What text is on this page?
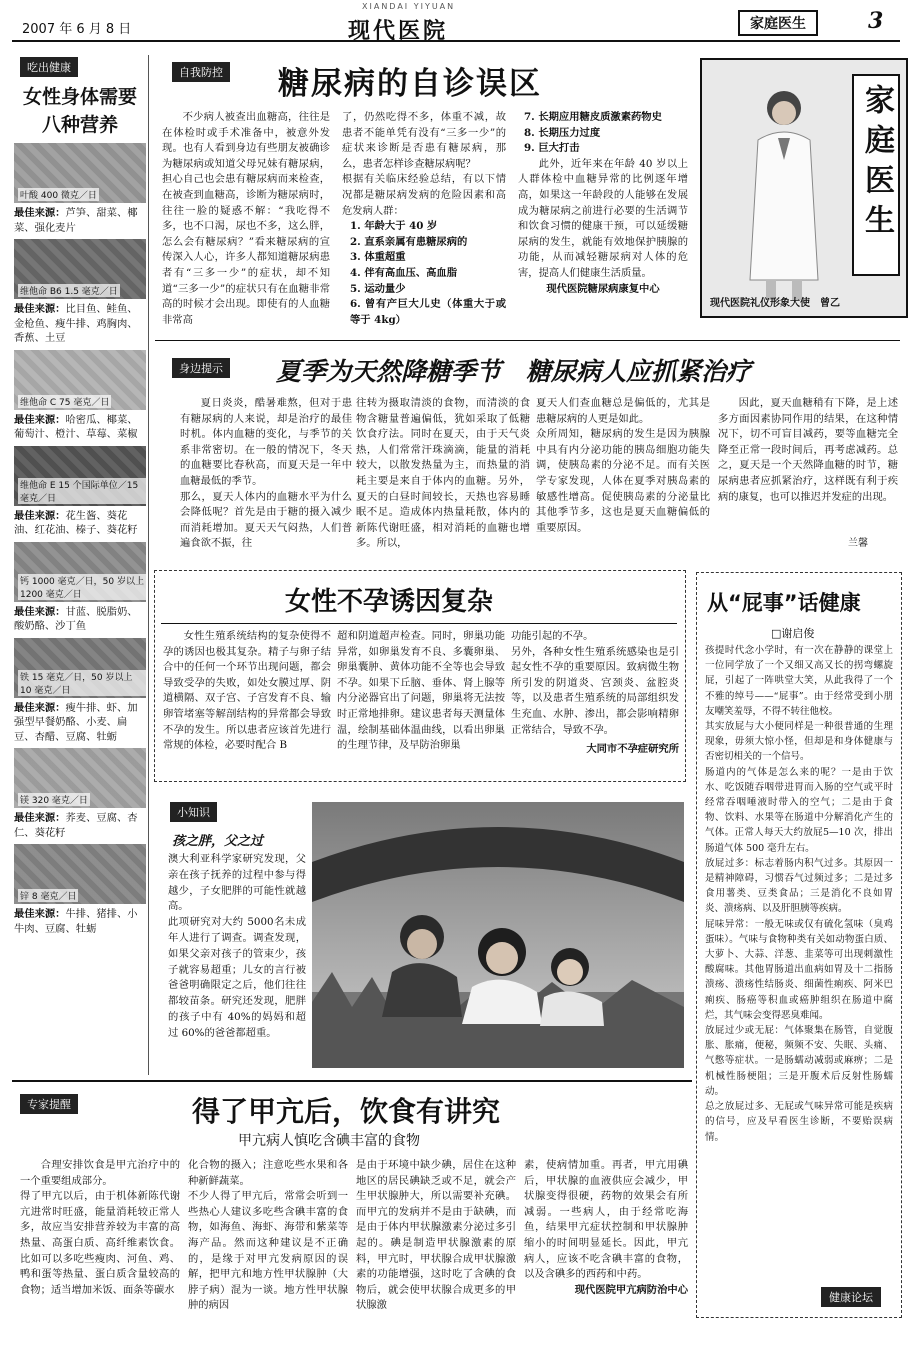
2007 年 6 月 8 日
XIANDAI YIYUAN
现代医院	家庭医生	3
吃出健康
女性身体需要
八种营养
叶酸 400 微克／日
最佳来源：芦笋、甜菜、椰菜、强化麦片
维他命 B6 1.5 毫克／日
最佳来源：比目鱼、鲑鱼、金枪鱼、瘦牛排、鸡胸肉、香蕉、土豆
维他命 C 75 毫克／日
最佳来源：哈密瓜、椰菜、葡萄汁、橙汁、草莓、菜椒
维他命 E 15 个国际单位／15 毫克／日
最佳来源：花生酱、葵花油、红花油、榛子、葵花籽
钙 1000 毫克／日，50 岁以上 1200 毫克／日
最佳来源：甘蓝、脱脂奶、酸奶酪、沙丁鱼
铁 15 毫克／日，50 岁以上 10 毫克／日
最佳来源：瘦牛排、虾、加强型早餐奶酪、小麦、扁豆、杏醋、豆腐、牡蛎
镁 320 毫克／日
最佳来源：荞麦、豆腐、杏仁、葵花籽
锌 8 毫克／日
最佳来源：牛排、猪排、小牛肉、豆腐、牡蛎
自我防控 糖尿病的自诊误区
不少病人被查出血糖高，往往是在体检时或手术准备中，被意外发现。也有人看到身边有些朋友被确诊为糖尿病或知道父母兄妹有糖尿病，担心自己也会患有糖尿病而来检查，在被查到血糖高，诊断为糖尿病时，往往一脸的疑惑不解：“我吃得不多，也不口渴，尿也不多，这么胖，怎么会有糖尿病？”看来糖尿病的宣传深入人心，许多人都知道糖尿病患者有“三多一少”的症状，却不知道“三多一少”的症状只有在血糖非常高的时候才会出现。即使有的人血糖非常高
了，仍然吃得不多，体重不减，故患者不能单凭有没有“三多一少”的症状来诊断是否患有糖尿病，那么，患者怎样诊查糖尿病呢？
根据有关临床经验总结，有以下情况都是糖尿病发病的危险因素和高危发病人群：
1. 年龄大于 40 岁
2. 直系亲属有患糖尿病的
3. 体重超重
4. 伴有高血压、高血脂
5. 运动量少
6. 曾有产巨大儿史（体重大于或等于 4kg）
7. 长期应用糖皮质激素药物史
8. 长期压力过度
9. 巨大打击
此外，近年来在年龄 40 岁以上人群体检中血糖异常的比例逐年增高，如果这一年龄段的人能够在发展成为糖尿病之前进行必要的生活调节和饮食习惯的健康干预，可以延缓糖尿病的发生，就能有效地保护胰腺的功能，从而减轻糖尿病对人体的危害，提高人们健康生活质量。
现代医院糖尿病康复中心
家庭医生
现代医院礼仪形象大使　曾乙
身边提示 夏季为天然降糖季节　糖尿病人应抓紧治疗
夏日炎炎，酷暑难熬，但对于患有糖尿病的人来说，却是治疗的最佳时机。体内血糖的变化，与季节的关系非常密切。在一般的情况下，冬天的血糖要比春秋高，而夏天是一年中血糖最低的季节。
那么，夏天人体内的血糖水平为什么会降低呢？首先是由于糖的摄入减少而消耗增加。夏天天气闷热，人们普遍食欲不振，往
往转为摄取清淡的食物，而清淡的食物含糖量普遍偏低，犹如采取了低糖饮食疗法。同时在夏天，由于天气炎热，人们常常汗珠滴滴，能量的消耗较大，以散发热量为主，而热量的消耗主要是来自于体内的血糖。另外，夏天的白昼时间较长，天热也容易睡眠不足。造成体内热量耗散，体内的新陈代谢旺盛，相对消耗的血糖也增多。所以，
夏天人们查血糖总是偏低的，尤其是患糖尿病的人更是如此。
众所周知，糖尿病的发生是因为胰腺中具有内分泌功能的胰岛细胞功能失调，使胰岛素的分泌不足。而有关医学专家发现，人体在夏季对胰岛素的敏感性增高。促使胰岛素的分泌量比其他季节多，这也是夏天血糖偏低的重要原因。
因此，夏天血糖稍有下降，是上述多方面因素协同作用的结果，在这种情况下，切不可盲目减药，要等血糖完全降至正常一段时间后，再考虑减药。总之，夏天是一个天然降血糖的时节，糖尿病患者应抓紧治疗，这样既有利于疾病的康复，也可以推迟并发症的出现。
兰馨
女性不孕诱因复杂
女性生殖系统结构的复杂使得不孕的诱因也极其复杂。精子与卵子结合中的任何一个环节出现问题，都会导致受孕的失败，如处女膜过厚、阴道横隔、双子宫、子宫发育不良、输卵管堵塞等解剖结构的异常都会导致不孕的发生。所以患者应该首先进行常规的体检，必要时配合 B
超和阴道超声检查。同时，卵巢功能异常，如卵巢发育不良、多囊卵巢、卵巢囊肿、黄体功能不全等也会导致不孕。如果下丘脑、垂体、肾上腺等内分泌器官出了问题，卵巢将无法按时正常地排卵。建议患者每天测量体温，绘制基础体温曲线，以看出卵巢的生理节律，及早防治卵巢
功能引起的不孕。
另外，各种女性生殖系统感染也是引起女性不孕的重要原因。致病微生物所引发的阴道炎、宫颈炎、盆腔炎等，以及患者生殖系统的局部组织发生充血、水肿、渗出，都会影响精卵正常结合，导致不孕。
大同市不孕症研究所
从“屁事”话健康
□谢启俊
孩提时代念小学时，有一次在静静的课堂上一位同学放了一个又细又高又长的拐弯螺旋屁，引起了一阵哄堂大笑，从此我得了一个不雅的绰号——“屁事”。由于经常受到小朋友嘲笑羞辱，不得不转往他校。
其实放屁与大小便同样是一种很普通的生理现象，毋须大惊小怪，但却是和身体健康与否密切相关的一个信号。
肠道内的气体是怎么来的呢？一是由于饮水、吃饭随吞咽带进胃而入肠的空气或平时经常吞咽唾液时带入的空气；二是由于食物、饮料、水果等在肠道中分解消化产生的气体。正常人每天大约放屁5—10 次，排出肠道气体 500 毫升左右。
放屁过多：标志着肠内积气过多。其原因一是精神障碍，习惯吞气过频过多；二是过多食用薯类、豆类食品；三是消化不良如胃炎、溃疡病、以及肝胆胰等疾病。
屁味异常：一般无味或仅有硫化氢味（臭鸡蛋味）。气味与食物种类有关如动物蛋白质、大萝卜、大蒜、洋葱、韭菜等可出现刺激性酸腐味。其他胃肠道出血病如胃及十二指肠溃疡、溃疡性结肠炎、细菌性痢疾、阿米巴痢疾、肠癌等积血或癌肿组织在肠道中腐烂，其气味会变得恶臭难闻。
放屁过少或无屁：气体聚集在肠管，自觉腹胀、胀痛，便秘，频频不安、失眠、头痛、气憋等症状。一是肠蠕动减弱或麻痹；二是机械性肠梗阻；三是开腹术后反射性肠蠕动。
总之放屁过多、无屁或气味异常可能是疾病的信号，应及早看医生诊断，不要贻误病情。
健康论坛
小知识
孩之胖，父之过
澳大利亚科学家研究发现，父亲在孩子抚养的过程中参与得越少，子女肥胖的可能性就越高。
此项研究对大约 5000名未成年人进行了调查。调查发现，如果父亲对孩子的管束少，孩子就容易超重；儿女的言行被爸爸明确限定之后，他们往往都较苗条。研究还发现，肥胖的孩子中有 40%的妈妈和超过 60%的爸爸都超重。
专家提醒	得了甲亢后，饮食有讲究
甲亢病人慎吃含碘丰富的食物
合理安排饮食是甲亢治疗中的一个重要组成部分。
得了甲亢以后，由于机体新陈代谢亢进常时旺盛，能量消耗较正常人多，故应当安排营养较为丰富的高热量、高蛋白质、高纤维素饮食。比如可以多吃些瘦肉、河鱼、鸡、鸭和蛋等热量、蛋白质含量较高的食物；适当增加米饭、面条等碳水
化合物的摄入；注意吃些水果和各种新鲜蔬菜。
不少人得了甲亢后，常常会听到一些热心人建议多吃些含碘丰富的食物，如海鱼、海虾、海带和紫菜等海产品。然而这种建议是不正确的，是缘于对甲亢发病原因的误解，把甲亢和地方性甲状腺肿（大脖子病）混为一谈。地方性甲状腺肿的病因
是由于环境中缺少碘，居住在这种地区的居民碘缺乏或不足，就会产生甲状腺肿大，所以需要补充碘。而甲亢的发病并不是由于缺碘，而是由于体内甲状腺激素分泌过多引起的。碘是制造甲状腺激素的原料，甲亢时，甲状腺合成甲状腺激素的功能增强，这时吃了含碘的食物后，就会使甲状腺合成更多的甲状腺激
素，使病情加重。再者，甲亢用碘后，甲状腺的血液供应会减少，甲状腺变得很硬，药物的效果会有所减弱。一些病人，由于经常吃海鱼，结果甲亢症状控制和甲状腺肿缩小的时间明显延长。因此，甲亢病人，应该不吃含碘丰富的食物，以及含碘多的西药和中药。
现代医院甲亢病防治中心
